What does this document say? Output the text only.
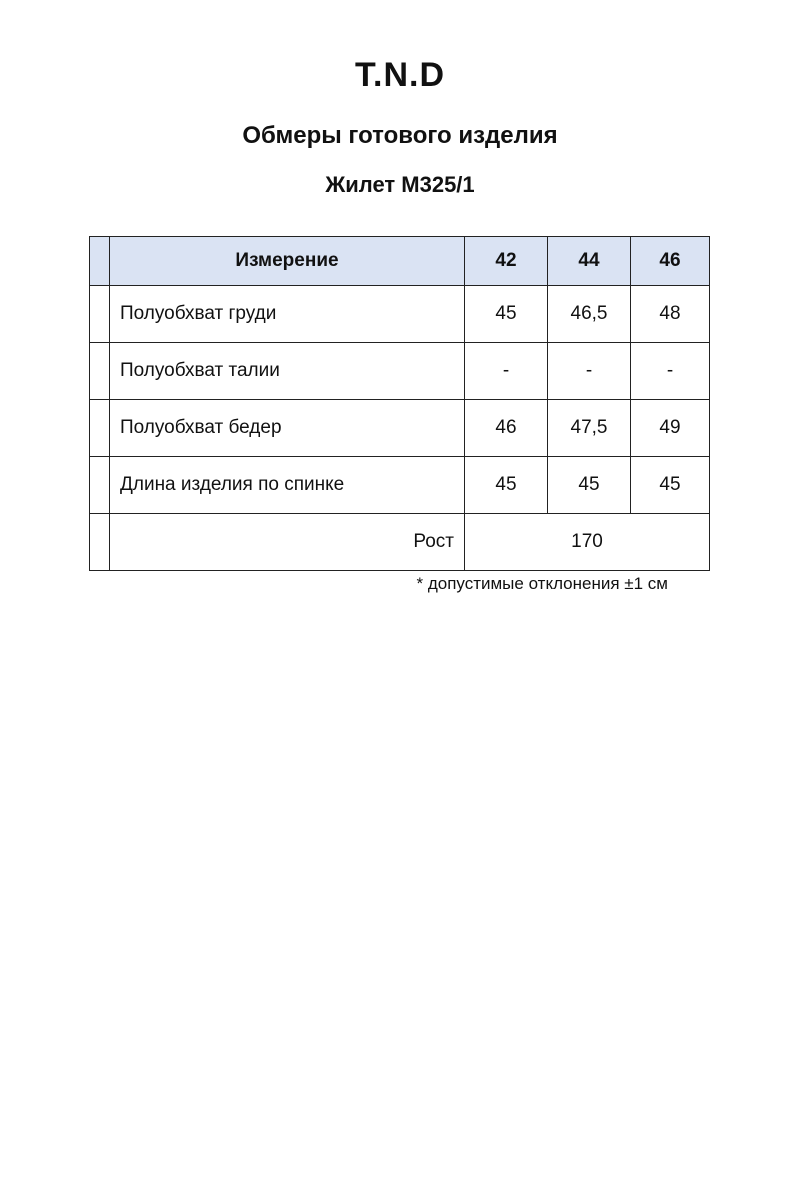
T.N.D
Обмеры готового изделия
Жилет М325/1
	Измерение	42	44	46
	Полуобхват груди	45	46,5	48
	Полуобхват талии	-	-	-
	Полуобхват бедер	46	47,5	49
	Длина изделия по спинке	45	45	45
	Рост	170		
* допустимые отклонения ±1 см
